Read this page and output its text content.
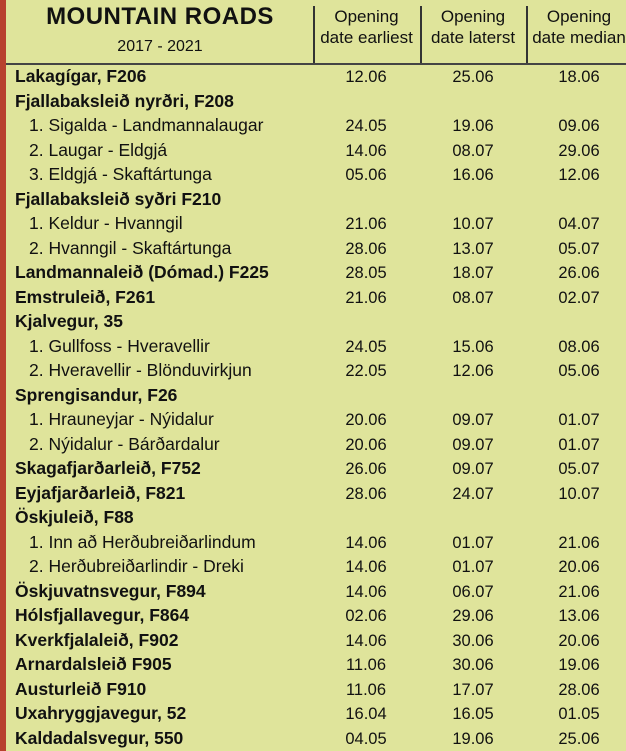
MOUNTAIN ROADS
2017 - 2021
Opening
date earliest
Opening
date laterst
Opening
date median
Lakagígar, F206	12.06	25.06	18.06
Fjallabaksleið nyrðri, F208
1. Sigalda - Landmannalaugar	24.05	19.06	09.06
2. Laugar - Eldgjá	14.06	08.07	29.06
3. Eldgjá - Skaftártunga	05.06	16.06	12.06
Fjallabaksleið syðri F210
1. Keldur - Hvanngil	21.06	10.07	04.07
2. Hvanngil - Skaftártunga	28.06	13.07	05.07
Landmannaleið (Dómad.) F225	28.05	18.07	26.06
Emstruleið, F261	21.06	08.07	02.07
Kjalvegur, 35
1. Gullfoss - Hveravellir	24.05	15.06	08.06
2. Hveravellir - Blönduvirkjun	22.05	12.06	05.06
Sprengisandur, F26
1. Hrauneyjar - Nýidalur	20.06	09.07	01.07
2. Nýidalur - Bárðardalur	20.06	09.07	01.07
Skagafjarðarleið, F752	26.06	09.07	05.07
Eyjafjarðarleið, F821	28.06	24.07	10.07
Öskjuleið, F88
1. Inn að Herðubreiðarlindum	14.06	01.07	21.06
2. Herðubreiðarlindir - Dreki	14.06	01.07	20.06
Öskjuvatnsvegur, F894	14.06	06.07	21.06
Hólsfjallavegur, F864	02.06	29.06	13.06
Kverkfjalaleið, F902	14.06	30.06	20.06
Arnardalsleið F905	11.06	30.06	19.06
Austurleið F910	11.06	17.07	28.06
Uxahryggjavegur, 52	16.04	16.05	01.05
Kaldadalsvegur, 550	04.05	19.06	25.06
